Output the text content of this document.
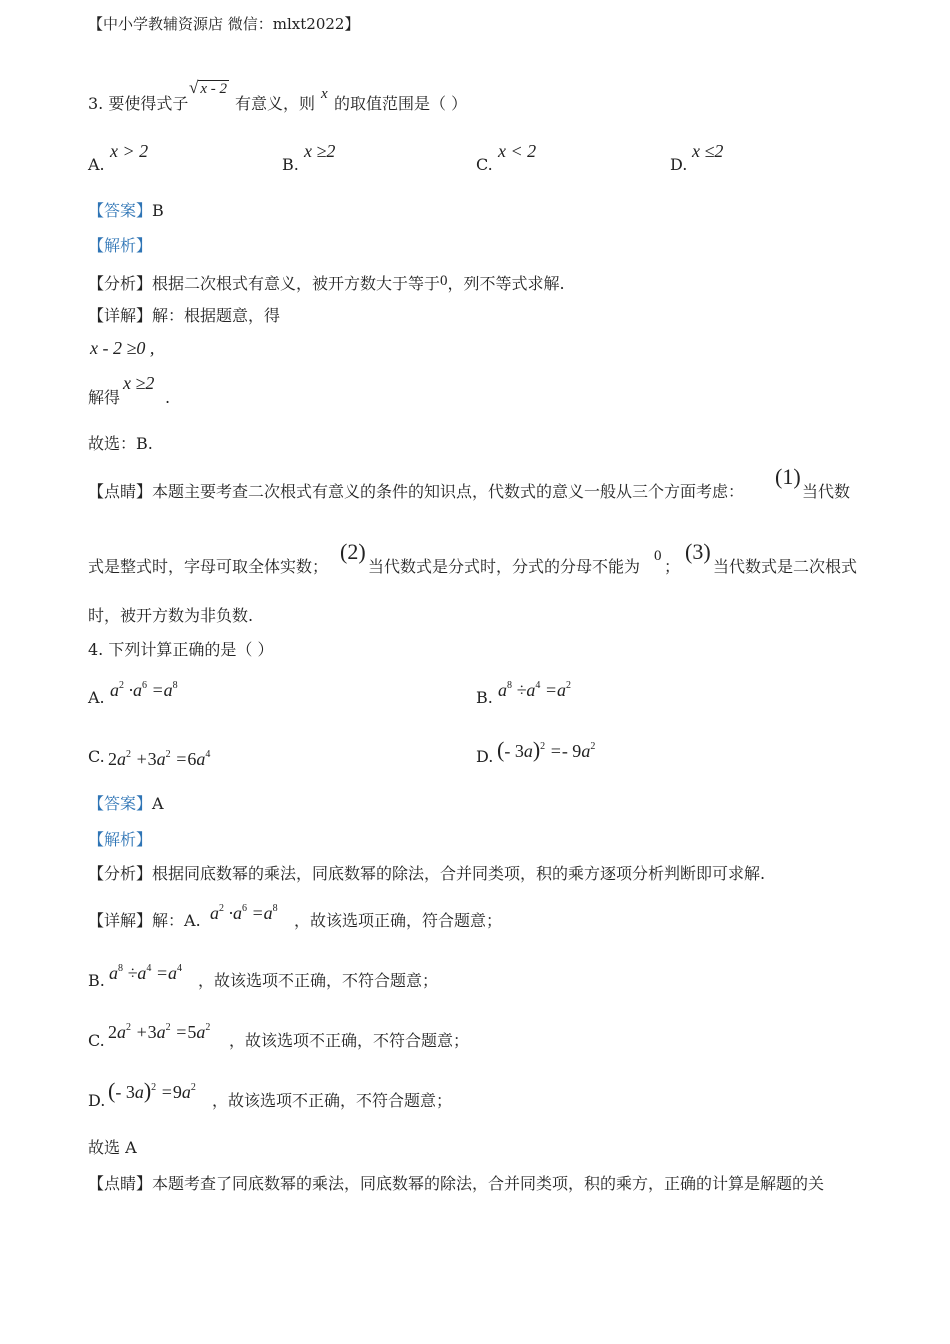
【中小学教辅资源店 微信：mlxt2022】
3. 要使得式子
√ x - 2
有意义，则 x 的取值范围是（ ）
A.
x > 2
B.
x ≥2
C.
x < 2
D.
x ≤2
【答案】B
【解析】
【分析】根据二次根式有意义，被开方数大于等于0，列不等式求解.
【详解】解：根据题意，得
x - 2 ≥0 ,
解得
x ≥2
.
故选：B.
【点睛】本题主要考查二次根式有意义的条件的知识点，代数式的意义一般从三个方面考虑：
(1)
当代数
式是整式时，字母可取全体实数；
(2)
当代数式是分式时，分式的分母不能为
0
；
(3)
当代数式是二次根式
时，被开方数为非负数.
4. 下列计算正确的是（ ）
A. $a^2 \cdot a^6 =a^8$
B. $a^8 \div a^4 =a^2$
C. $2a^2 +3a^2 =6a^4$	D. (- $3a)^2 =- 9a^2$
【答案】A
【解析】
【分析】根据同底数幂的乘法，同底数幂的除法，合并同类项，积的乘方逐项分析判断即可求解.
【详解】解：A. $a^2 \cdot a^6 =a^8$
，故该选项正确，符合题意；
B. $a^8 \div a^4 =a^4$
，故该选项不正确，不符合题意；
C. $2a^2 +3a^2 =5a^2$
，故该选项不正确，不符合题意；
D. (- $3a)^2 =9a^2$
，故该选项不正确，不符合题意；
故选 A
【点睛】本题考查了同底数幂的乘法，同底数幂的除法，合并同类项，积的乘方，正确的计算是解题的关
